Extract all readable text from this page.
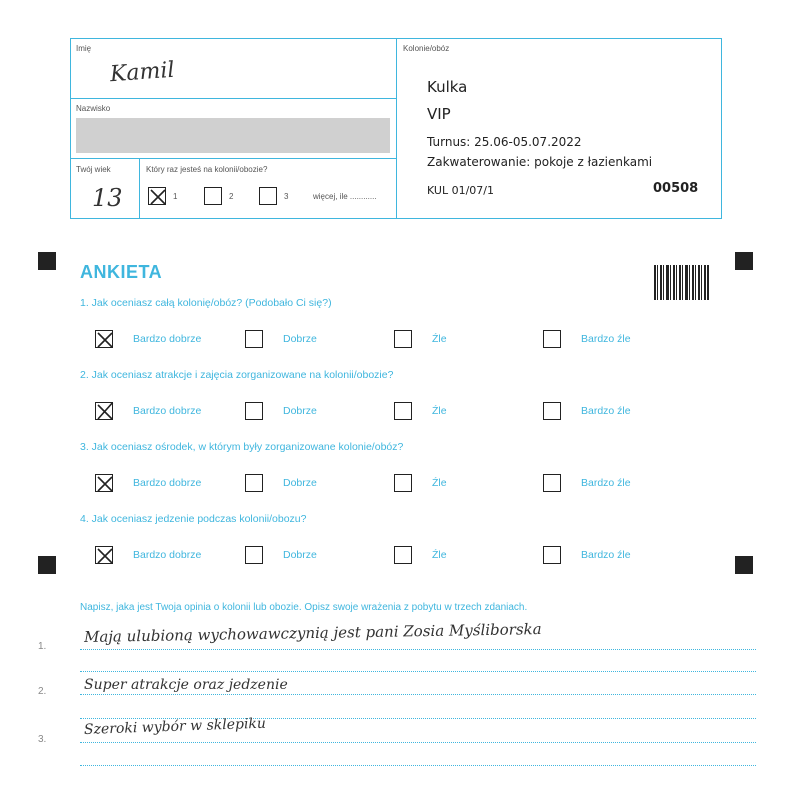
Imię
Kamil
Nazwisko
Twój wiek
13
Który raz jesteś na kolonii/obozie?
1	2	3	więcej, ile ............
Kolonie/obóz
Kulka
VIP
Turnus: 25.06-05.07.2022
Zakwaterowanie: pokoje z łazienkami
KUL 01/07/1	00508
ANKIETA
1. Jak oceniasz całą kolonię/obóz? (Podobało Ci się?)
Bardzo dobrze	Dobrze	Źle	Bardzo źle
2. Jak oceniasz atrakcje i zajęcia zorganizowane na kolonii/obozie?
Bardzo dobrze	Dobrze	Źle	Bardzo źle
3. Jak oceniasz ośrodek, w którym były zorganizowane kolonie/obóz?
Bardzo dobrze	Dobrze	Źle	Bardzo źle
4. Jak oceniasz jedzenie podczas kolonii/obozu?
Bardzo dobrze	Dobrze	Źle	Bardzo źle
Napisz, jaka jest Twoja opinia o kolonii lub obozie. Opisz swoje wrażenia z pobytu w trzech zdaniach.
1.
Mają ulubioną wychowawczynią jest pani Zosia Myśliborska
2.	Super atrakcje oraz jedzenie
3.
Szeroki wybór w sklepiku
